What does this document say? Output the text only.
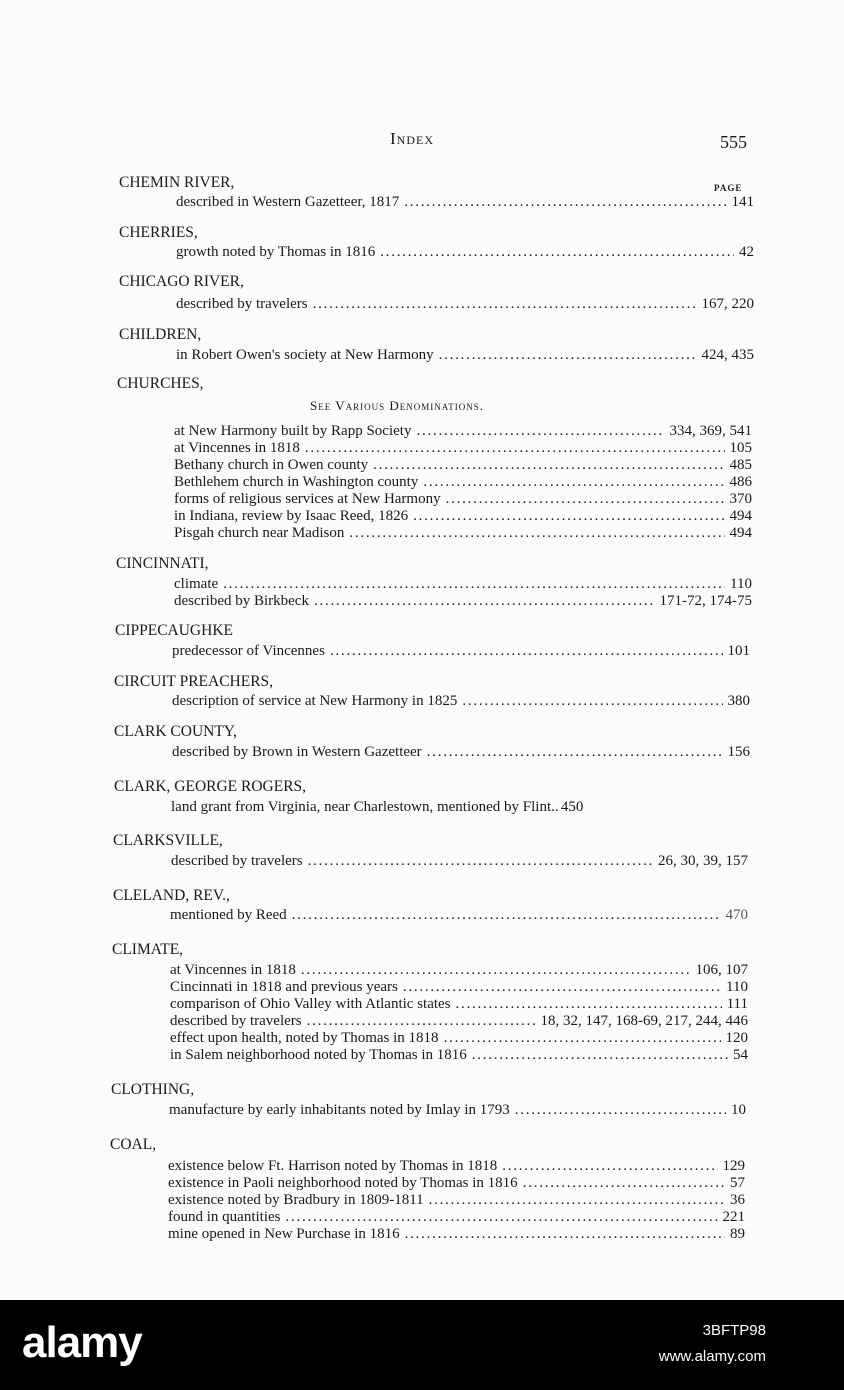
Index	555
PAGE
CHEMIN RIVER,
described in Western Gazetteer, 1817 . . .	141
CHERRIES,
growth noted by Thomas in 1816 . . .	42
CHICAGO RIVER,
described by travelers . . .	167, 220
CHILDREN,
in Robert Owen's society at New Harmony . . .	424, 435
CHURCHES,
See Various Denominations.
at New Harmony built by Rapp Society . . .	334, 369, 541
at Vincennes in 1818 . . .	105
Bethany church in Owen county . . .	485
Bethlehem church in Washington county . . .	486
forms of religious services at New Harmony . . .	370
in Indiana, review by Isaac Reed, 1826 . . .	494
Pisgah church near Madison . . .	494
CINCINNATI,
climate . . .	110
described by Birkbeck . . .	171-72, 174-75
CIPPECAUGHKE
predecessor of Vincennes . . .	101
CIRCUIT PREACHERS,
description of service at New Harmony in 1825 . . .	380
CLARK COUNTY,
described by Brown in Western Gazetteer . . .	156
CLARK, GEORGE ROGERS,
land grant from Virginia, near Charlestown, mentioned by Flint. . . . 450
CLARKSVILLE,
described by travelers . . .	26, 30, 39, 157
CLELAND, REV.,
mentioned by Reed . . .	470
CLIMATE,
at Vincennes in 1818 . . .	106, 107
Cincinnati in 1818 and previous years . . .	110
comparison of Ohio Valley with Atlantic states . . .	111
described by travelers . . .	18, 32, 147, 168-69, 217, 244, 446
effect upon health, noted by Thomas in 1818 . . .	120
in Salem neighborhood noted by Thomas in 1816 . . .	54
CLOTHING,
manufacture by early inhabitants noted by Imlay in 1793 . . .	10
COAL,
existence below Ft. Harrison noted by Thomas in 1818 . . .	129
existence in Paoli neighborhood noted by Thomas in 1816 . . .	57
existence noted by Bradbury in 1809-1811 . . .	36
found in quantities . . .	221
mine opened in New Purchase in 1816 . . .	89
alamy	3BFTP98
www.alamy.com
